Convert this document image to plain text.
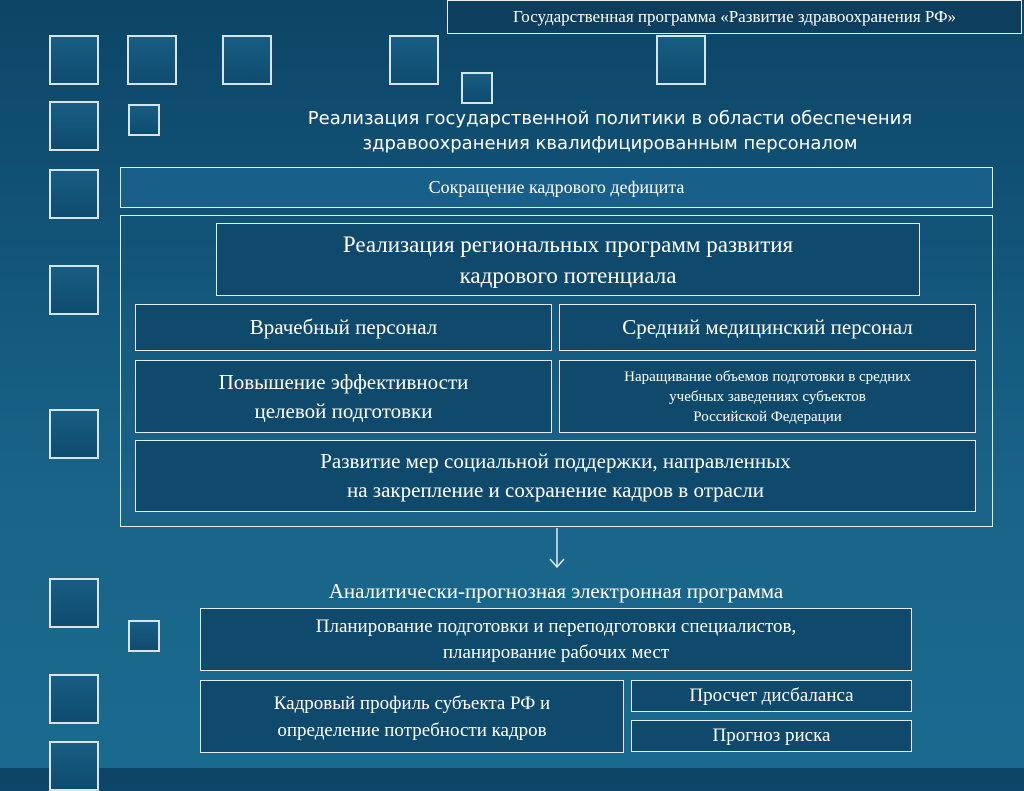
Государственная программа «Развитие здравоохранения РФ»
Реализация государственной политики в области обеспечения
здравоохранения квалифицированным персоналом
Сокращение кадрового дефицита
Реализация региональных программ развития
кадрового потенциала
Врачебный персонал	Средний медицинский персонал
Повышение эффективности
целевой подготовки
Наращивание объемов подготовки в средних
учебных заведениях субъектов
Российской Федерации
Развитие мер социальной поддержки, направленных
на закрепление и сохранение кадров в отрасли
Аналитически-прогнозная электронная программа
Планирование подготовки и переподготовки специалистов,
планирование рабочих мест
Кадровый профиль субъекта РФ и
определение потребности кадров
Просчет дисбаланса
Прогноз риска
